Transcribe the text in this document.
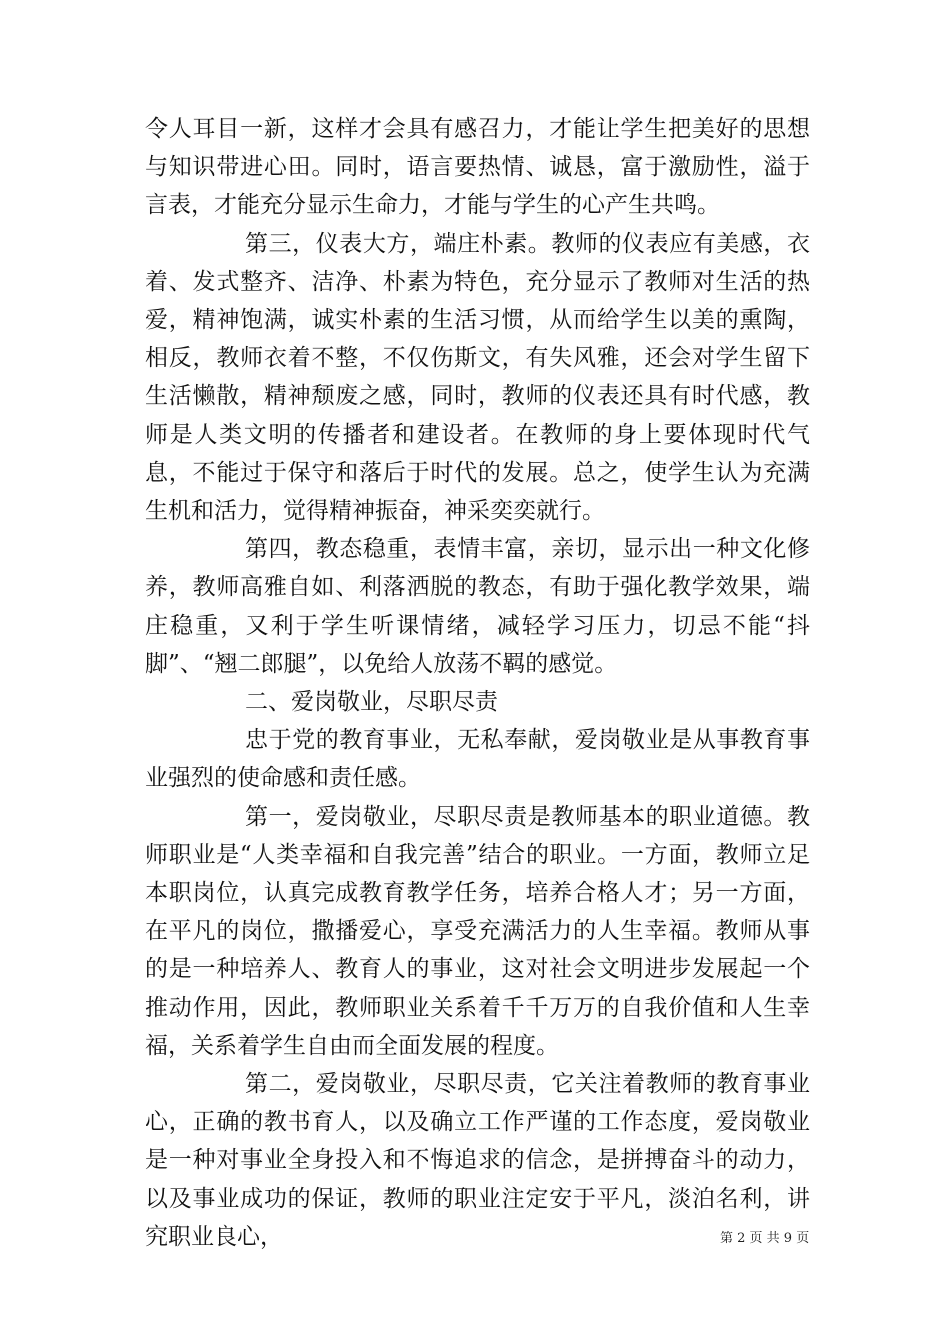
令人耳目一新，这样才会具有感召力，才能让学生把美好的思想与知识带进心田。同时，语言要热情、诚恳，富于激励性，溢于言表，才能充分显示生命力，才能与学生的心产生共鸣。

第三，仪表大方，端庄朴素。教师的仪表应有美感，衣着、发式整齐、洁净、朴素为特色，充分显示了教师对生活的热爱，精神饱满，诚实朴素的生活习惯，从而给学生以美的熏陶，相反，教师衣着不整，不仅伤斯文，有失风雅，还会对学生留下生活懒散，精神颓废之感，同时，教师的仪表还具有时代感，教师是人类文明的传播者和建设者。在教师的身上要体现时代气息，不能过于保守和落后于时代的发展。总之，使学生认为充满生机和活力，觉得精神振奋，神采奕奕就行。

第四，教态稳重，表情丰富，亲切，显示出一种文化修养，教师高雅自如、利落洒脱的教态，有助于强化教学效果，端庄稳重，又利于学生听课情绪，减轻学习压力，切忌不能“抖脚”、“翘二郎腿”，以免给人放荡不羁的感觉。

二、爱岗敬业，尽职尽责

忠于党的教育事业，无私奉献，爱岗敬业是从事教育事业强烈的使命感和责任感。

第一，爱岗敬业，尽职尽责是教师基本的职业道德。教师职业是“人类幸福和自我完善”结合的职业。一方面，教师立足本职岗位，认真完成教育教学任务，培养合格人才；另一方面，在平凡的岗位，撒播爱心，享受充满活力的人生幸福。教师从事的是一种培养人、教育人的事业，这对社会文明进步发展起一个推动作用，因此，教师职业关系着千千万万的自我价值和人生幸福，关系着学生自由而全面发展的程度。

第二，爱岗敬业，尽职尽责，它关注着教师的教育事业心，正确的教书育人，以及确立工作严谨的工作态度，爱岗敬业是一种对事业全身投入和不悔追求的信念，是拼搏奋斗的动力，以及事业成功的保证，教师的职业注定安于平凡，淡泊名利，讲究职业良心，	第 2 页 共 9 页
